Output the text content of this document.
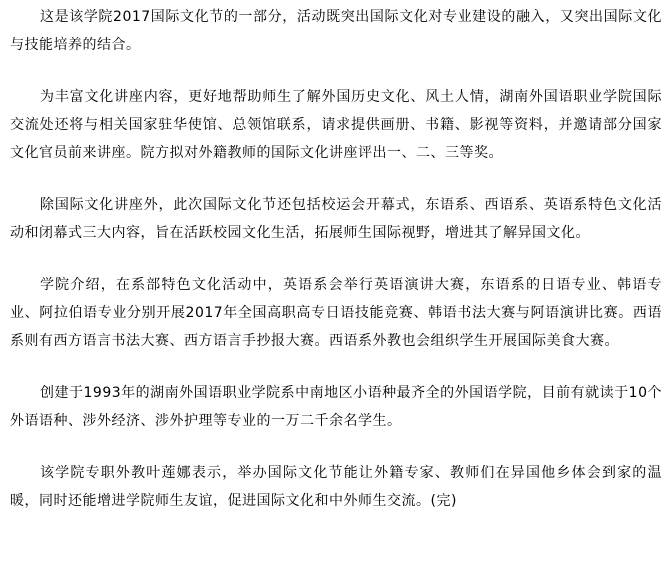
这是该学院2017国际文化节的一部分，活动既突出国际文化对专业建设的融入，又突出国际文化与技能培养的结合。

为丰富文化讲座内容，更好地帮助师生了解外国历史文化、风土人情，湖南外国语职业学院国际交流处还将与相关国家驻华使馆、总领馆联系，请求提供画册、书籍、影视等资料，并邀请部分国家文化官员前来讲座。院方拟对外籍教师的国际文化讲座评出一、二、三等奖。

除国际文化讲座外，此次国际文化节还包括校运会开幕式，东语系、西语系、英语系特色文化活动和闭幕式三大内容，旨在活跃校园文化生活，拓展师生国际视野，增进其了解异国文化。

学院介绍，在系部特色文化活动中，英语系会举行英语演讲大赛，东语系的日语专业、韩语专业、阿拉伯语专业分别开展2017年全国高职高专日语技能竞赛、韩语书法大赛与阿语演讲比赛。西语系则有西方语言书法大赛、西方语言手抄报大赛。西语系外教也会组织学生开展国际美食大赛。

创建于1993年的湖南外国语职业学院系中南地区小语种最齐全的外国语学院，目前有就读于10个外语语种、涉外经济、涉外护理等专业的一万二千余名学生。

该学院专职外教叶莲娜表示，举办国际文化节能让外籍专家、教师们在异国他乡体会到家的温暖，同时还能增进学院师生友谊，促进国际文化和中外师生交流。(完)
